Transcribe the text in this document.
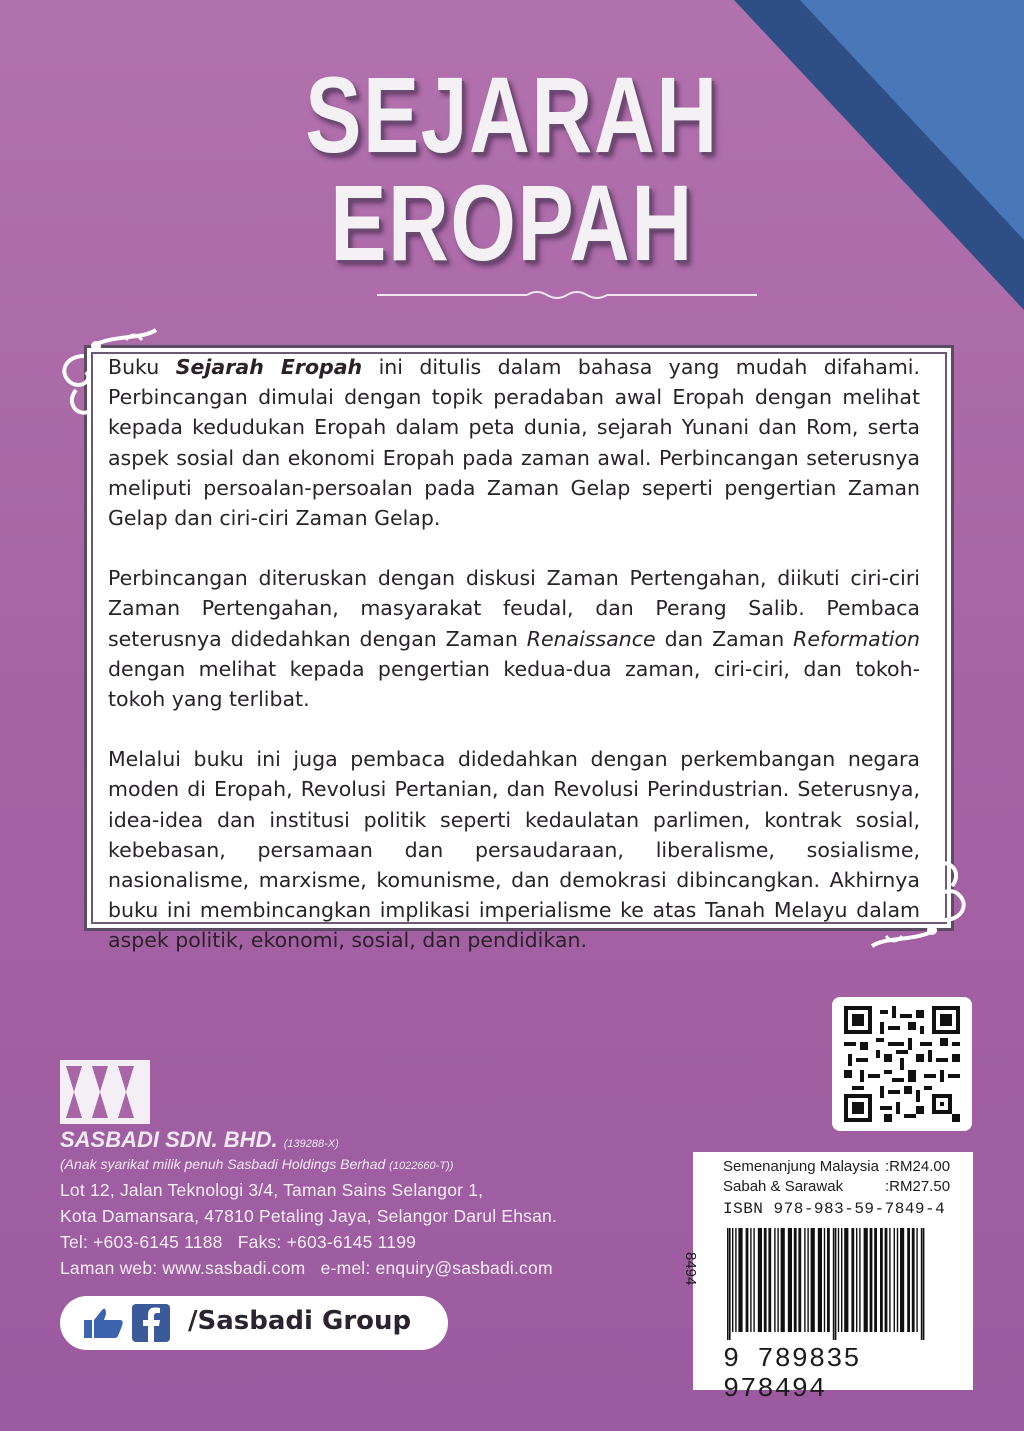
SEJARAH
EROPAH

Buku Sejarah Eropah ini ditulis dalam bahasa yang mudah difahami. Perbincangan dimulai dengan topik peradaban awal Eropah dengan melihat kepada kedudukan Eropah dalam peta dunia, sejarah Yunani dan Rom, serta aspek sosial dan ekonomi Eropah pada zaman awal. Perbincangan seterusnya meliputi persoalan-persoalan pada Zaman Gelap seperti pengertian Zaman Gelap dan ciri-ciri Zaman Gelap.

Perbincangan diteruskan dengan diskusi Zaman Pertengahan, diikuti ciri-ciri Zaman Pertengahan, masyarakat feudal, dan Perang Salib. Pembaca seterusnya didedahkan dengan Zaman Renaissance dan Zaman Reformation dengan melihat kepada pengertian kedua-dua zaman, ciri-ciri, dan tokoh-tokoh yang terlibat.

Melalui buku ini juga pembaca didedahkan dengan perkembangan negara moden di Eropah, Revolusi Pertanian, dan Revolusi Perindustrian. Seterusnya, idea-idea dan institusi politik seperti kedaulatan parlimen, kontrak sosial, kebebasan, persamaan dan persaudaraan, liberalisme, sosialisme, nasionalisme, marxisme, komunisme, dan demokrasi dibincangkan. Akhirnya buku ini membincangkan implikasi imperialisme ke atas Tanah Melayu dalam aspek politik, ekonomi, sosial, dan pendidikan.

Semenanjung Malaysia :RM24.00
Sabah & Sarawak	:RM27.50
ISBN 978-983-59-7849-4
8494
9 789835 978494
SASBADI SDN. BHD. (139288-X)
(Anak syarikat milik penuh Sasbadi Holdings Berhad (1022660-T))
Lot 12, Jalan Teknologi 3/4, Taman Sains Selangor 1,
Kota Damansara, 47810 Petaling Jaya, Selangor Darul Ehsan.
Tel: +603-6145 1188   Faks: +603-6145 1199
Laman web: www.sasbadi.com   e-mel: enquiry@sasbadi.com
/Sasbadi Group
